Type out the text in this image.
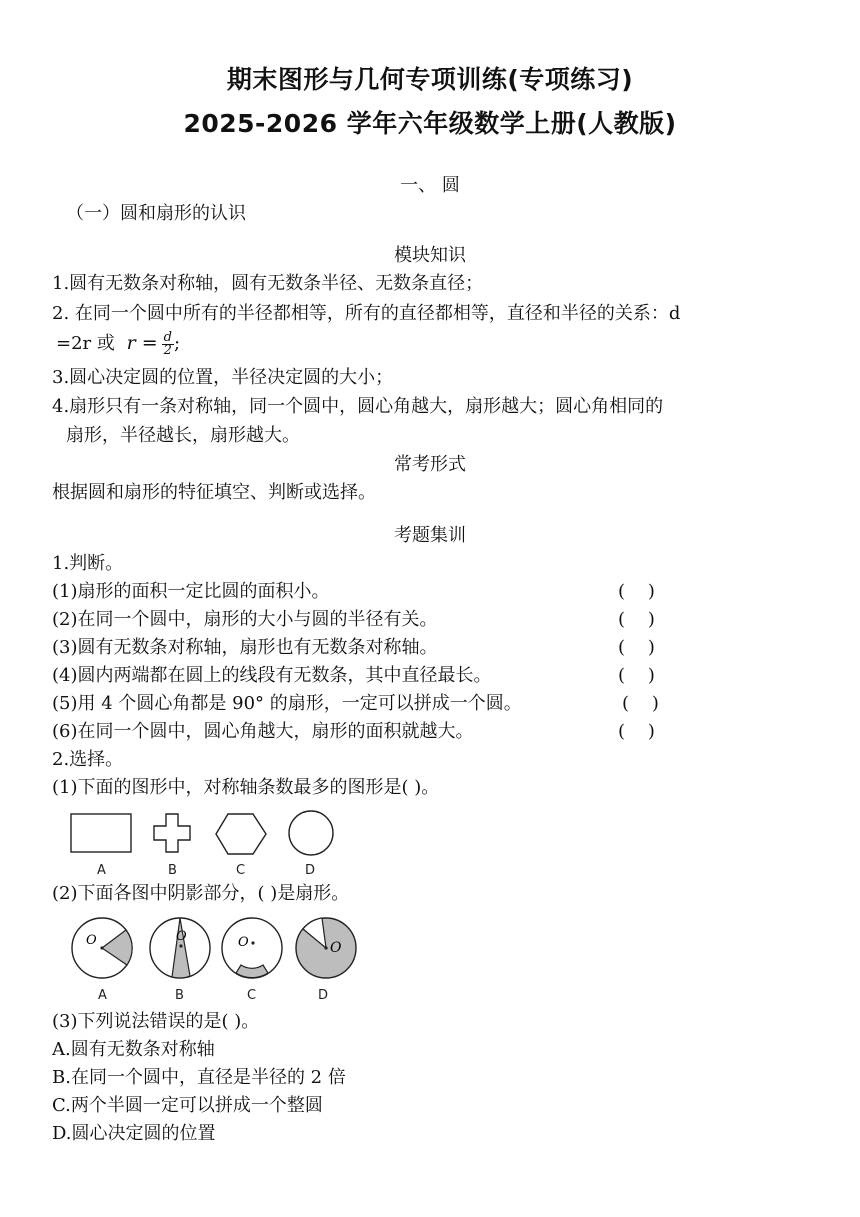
期末图形与几何专项训练(专项练习)
2025-2026 学年六年级数学上册(人教版)
一、 圆
（一）圆和扇形的认识
模块知识
1.圆有无数条对称轴，圆有无数条半径、无数条直径；
2. 在同一个圆中所有的半径都相等，所有的直径都相等，直径和半径的关系：d
=2r 或 $r = \frac{d}{2}$ ;
3.圆心决定圆的位置，半径决定圆的大小；
4.扇形只有一条对称轴，同一个圆中，圆心角越大，扇形越大；圆心角相同的
扇形，半径越长，扇形越大。
常考形式
根据圆和扇形的特征填空、判断或选择。
考题集训
1.判断。
(1)扇形的面积一定比圆的面积小。	(    )
(2)在同一个圆中，扇形的大小与圆的半径有关。	(    )
(3)圆有无数条对称轴，扇形也有无数条对称轴。	(    )
(4)圆内两端都在圆上的线段有无数条，其中直径最长。	(    )
(5)用 4 个圆心角都是 90° 的扇形，一定可以拼成一个圆。	(    )
(6)在同一个圆中，圆心角越大，扇形的面积就越大。	(    )
2.选择。
(1)下面的图形中，对称轴条数最多的图形是( )。
A	B	C	D
(2)下面各图中阴影部分，( )是扇形。
O	O	O	O
A	B	C	D
(3)下列说法错误的是( )。
A.圆有无数条对称轴
B.在同一个圆中，直径是半径的 2 倍
C.两个半圆一定可以拼成一个整圆
D.圆心决定圆的位置
